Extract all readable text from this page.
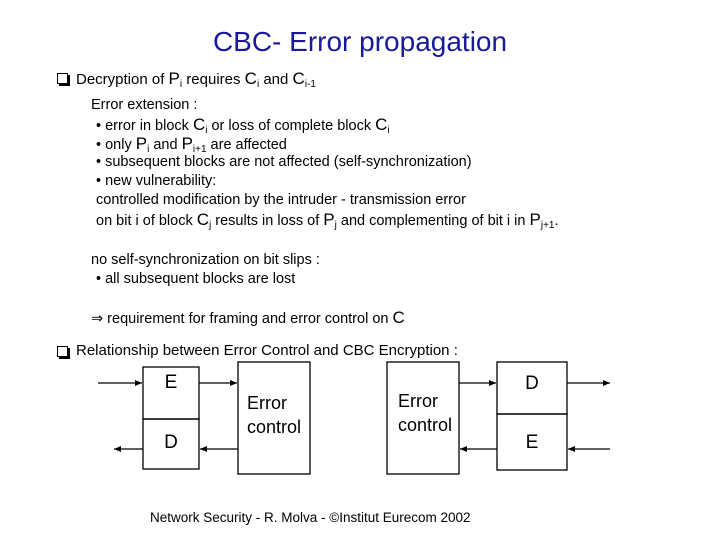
CBC- Error propagation
Decryption of $P_i$ requires $C_i$ and $C_{i-1}$
Error extension :
• error in block $C_i$ or loss of complete block $C_i$
• only $P_i$ and $P_{i+1}$ are affected
• subsequent blocks are not affected (self-synchronization)
• new vulnerability:
controlled modification by the intruder - transmission error
on bit i of block $C_j$ results in loss of $P_j$ and complementing of bit i in $P_{j+1}$.
no self-synchronization on bit slips :
• all subsequent blocks are lost
⇒ requirement for framing and error control on C
Relationship between Error Control and CBC Encryption :
E
D
D
E
Error
control
Error
control
Network Security - R. Molva - ©Institut Eurecom 2002
